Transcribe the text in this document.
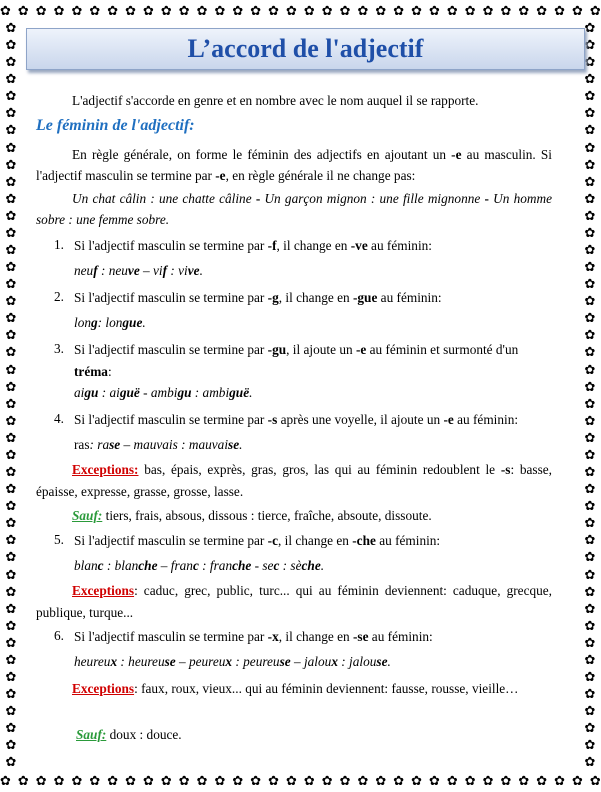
✿ ✿ ✿ ✿ ✿ ✿ ✿ ✿ ✿ ✿ ✿ ✿ ✿ ✿ ✿ ✿ ✿ ✿ ✿ ✿ ✿ ✿ ✿ ✿ ✿ ✿ ✿ ✿ ✿ ✿ ✿ ✿ ✿ ✿
✿ ✿ ✿ ✿ ✿ ✿ ✿ ✿ ✿ ✿ ✿ ✿ ✿ ✿ ✿ ✿ ✿ ✿ ✿ ✿ ✿ ✿ ✿ ✿ ✿ ✿ ✿ ✿ ✿ ✿ ✿ ✿ ✿ ✿
✿
✿
✿
✿
✿
✿
✿
✿
✿
✿
✿
✿
✿
✿
✿
✿
✿
✿
✿
✿
✿
✿
✿
✿
✿
✿
✿
✿
✿
✿
✿
✿
✿
✿
✿
✿
✿
✿
✿
✿
✿
✿
✿
✿
✿
✿
✿
✿
✿
✿
✿
✿
✿
✿
✿
✿
✿
✿
✿
✿
✿
✿
✿
✿
✿
✿
✿
✿
✿
✿
✿
✿
✿
✿
✿
✿
✿
✿
✿
✿
✿
✿
✿
✿
✿
✿
✿
✿
L’accord de l'adjectif
L'adjectif s'accorde en genre et en nombre avec le nom auquel il se rapporte.
Le féminin de l'adjectif:
En règle générale, on forme le féminin des adjectifs en ajoutant un -e au masculin. Si l'adjectif masculin se termine par -e, en règle générale il ne change pas:
Un chat câlin : une chatte câline - Un garçon mignon : une fille mignonne - Un homme sobre : une femme sobre.
1. Si l'adjectif masculin se termine par -f, il change en -ve au féminin:
neuf : neuve – vif : vive.
2. Si l'adjectif masculin se termine par -g, il change en -gue au féminin:
long: longue.
3. Si l'adjectif masculin se termine par -gu, il ajoute un -e au féminin et surmonté d'un tréma:
aigu : aiguë - ambigu : ambiguë.
4. Si l'adjectif masculin se termine par -s après une voyelle, il ajoute un -e au féminin:
ras: rase – mauvais : mauvaise.
Exceptions: bas, épais, exprès, gras, gros, las qui au féminin redoublent le -s: basse, épaisse, expresse, grasse, grosse, lasse.
Sauf: tiers, frais, absous, dissous : tierce, fraîche, absoute, dissoute.
5. Si l'adjectif masculin se termine par -c, il change en -che au féminin:
blanc : blanche – franc : franche - sec : sèche.
Exceptions: caduc, grec, public, turc... qui au féminin deviennent: caduque, grecque, publique, turque...
6. Si l'adjectif masculin se termine par -x, il change en -se au féminin:
heureux : heureuse – peureux : peureuse – jaloux : jalouse.
Exceptions: faux, roux, vieux... qui au féminin deviennent: fausse, rousse, vieille…
Sauf: doux : douce.
